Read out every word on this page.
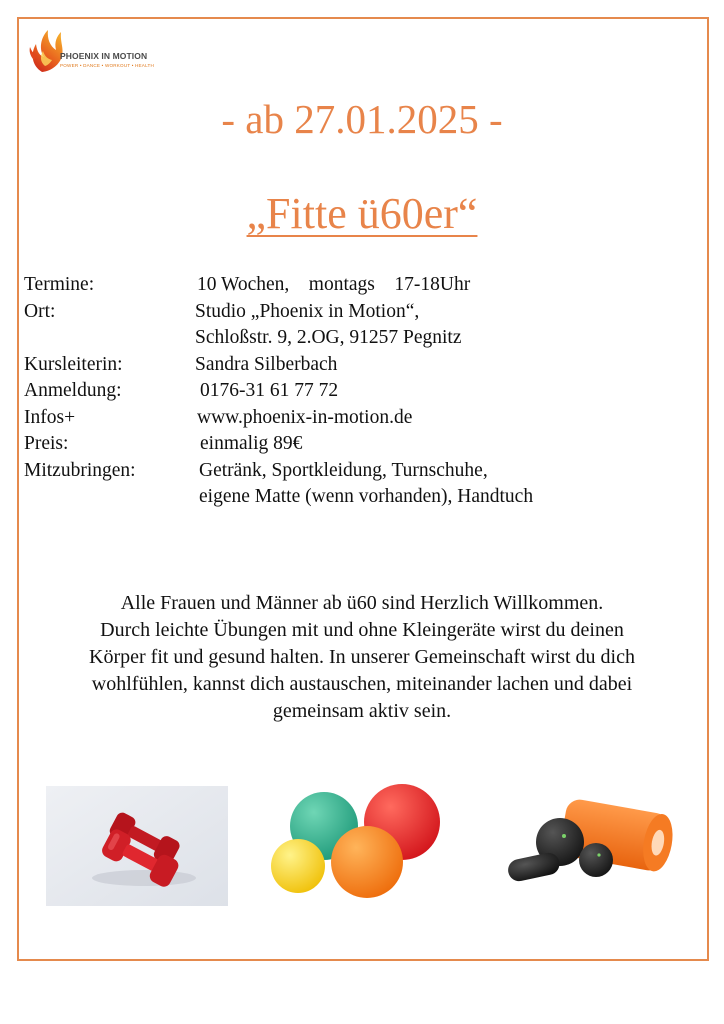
PHOENIX IN MOTION
POWER • DANCE • WORKOUT • HEALTH
- ab 27.01.2025 -
„Fitte ü60er“
Termine:	10 Wochen,    montags    17-18Uhr
Ort:	Studio „Phoenix in Motion“,
Schloßstr. 9, 2.OG, 91257 Pegnitz
Kursleiterin:	Sandra Silberbach
Anmeldung:	0176-31 61 77 72
Infos+	www.phoenix-in-motion.de
Preis:	einmalig 89€
Mitzubringen:	Getränk, Sportkleidung, Turnschuhe,
eigene Matte (wenn vorhanden), Handtuch
Alle Frauen und Männer ab ü60 sind Herzlich Willkommen.
Durch leichte Übungen mit und ohne Kleingeräte wirst du deinen
Körper fit und gesund halten. In unserer Gemeinschaft wirst du dich
wohlfühlen, kannst dich austauschen, miteinander lachen und dabei
gemeinsam aktiv sein.
